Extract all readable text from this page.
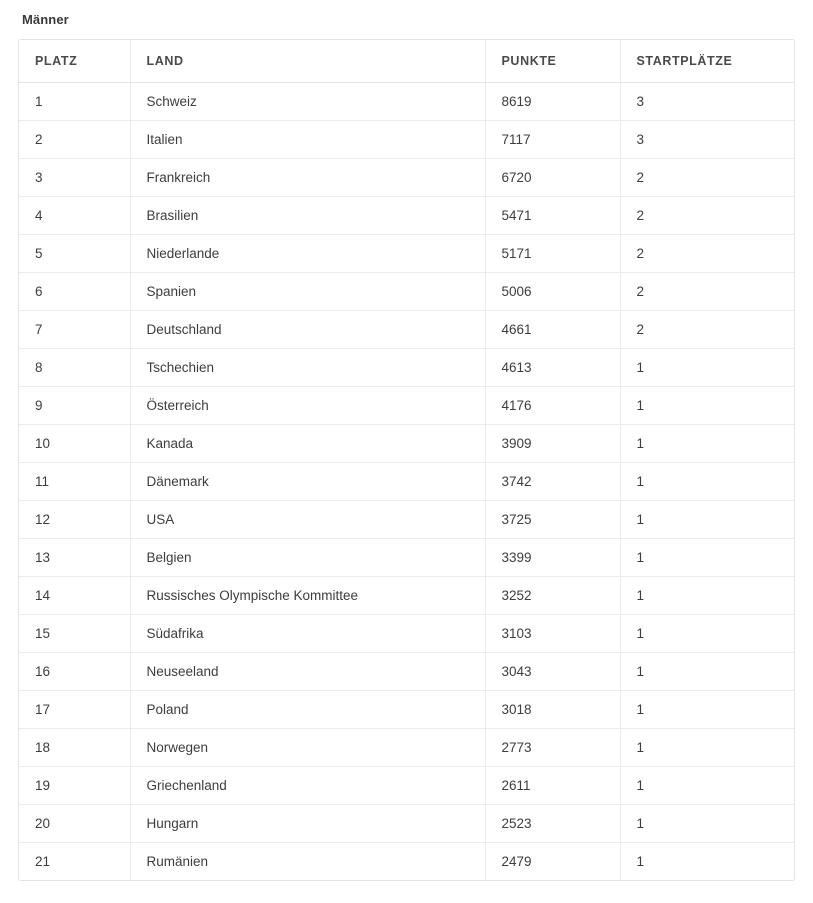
Männer
PLATZ	LAND	PUNKTE	STARTPLÄTZE
1	Schweiz	8619	3
2	Italien	7117	3
3	Frankreich	6720	2
4	Brasilien	5471	2
5	Niederlande	5171	2
6	Spanien	5006	2
7	Deutschland	4661	2
8	Tschechien	4613	1
9	Österreich	4176	1
10	Kanada	3909	1
11	Dänemark	3742	1
12	USA	3725	1
13	Belgien	3399	1
14	Russisches Olympische Kommittee	3252	1
15	Südafrika	3103	1
16	Neuseeland	3043	1
17	Poland	3018	1
18	Norwegen	2773	1
19	Griechenland	2611	1
20	Hungarn	2523	1
21	Rumänien	2479	1
